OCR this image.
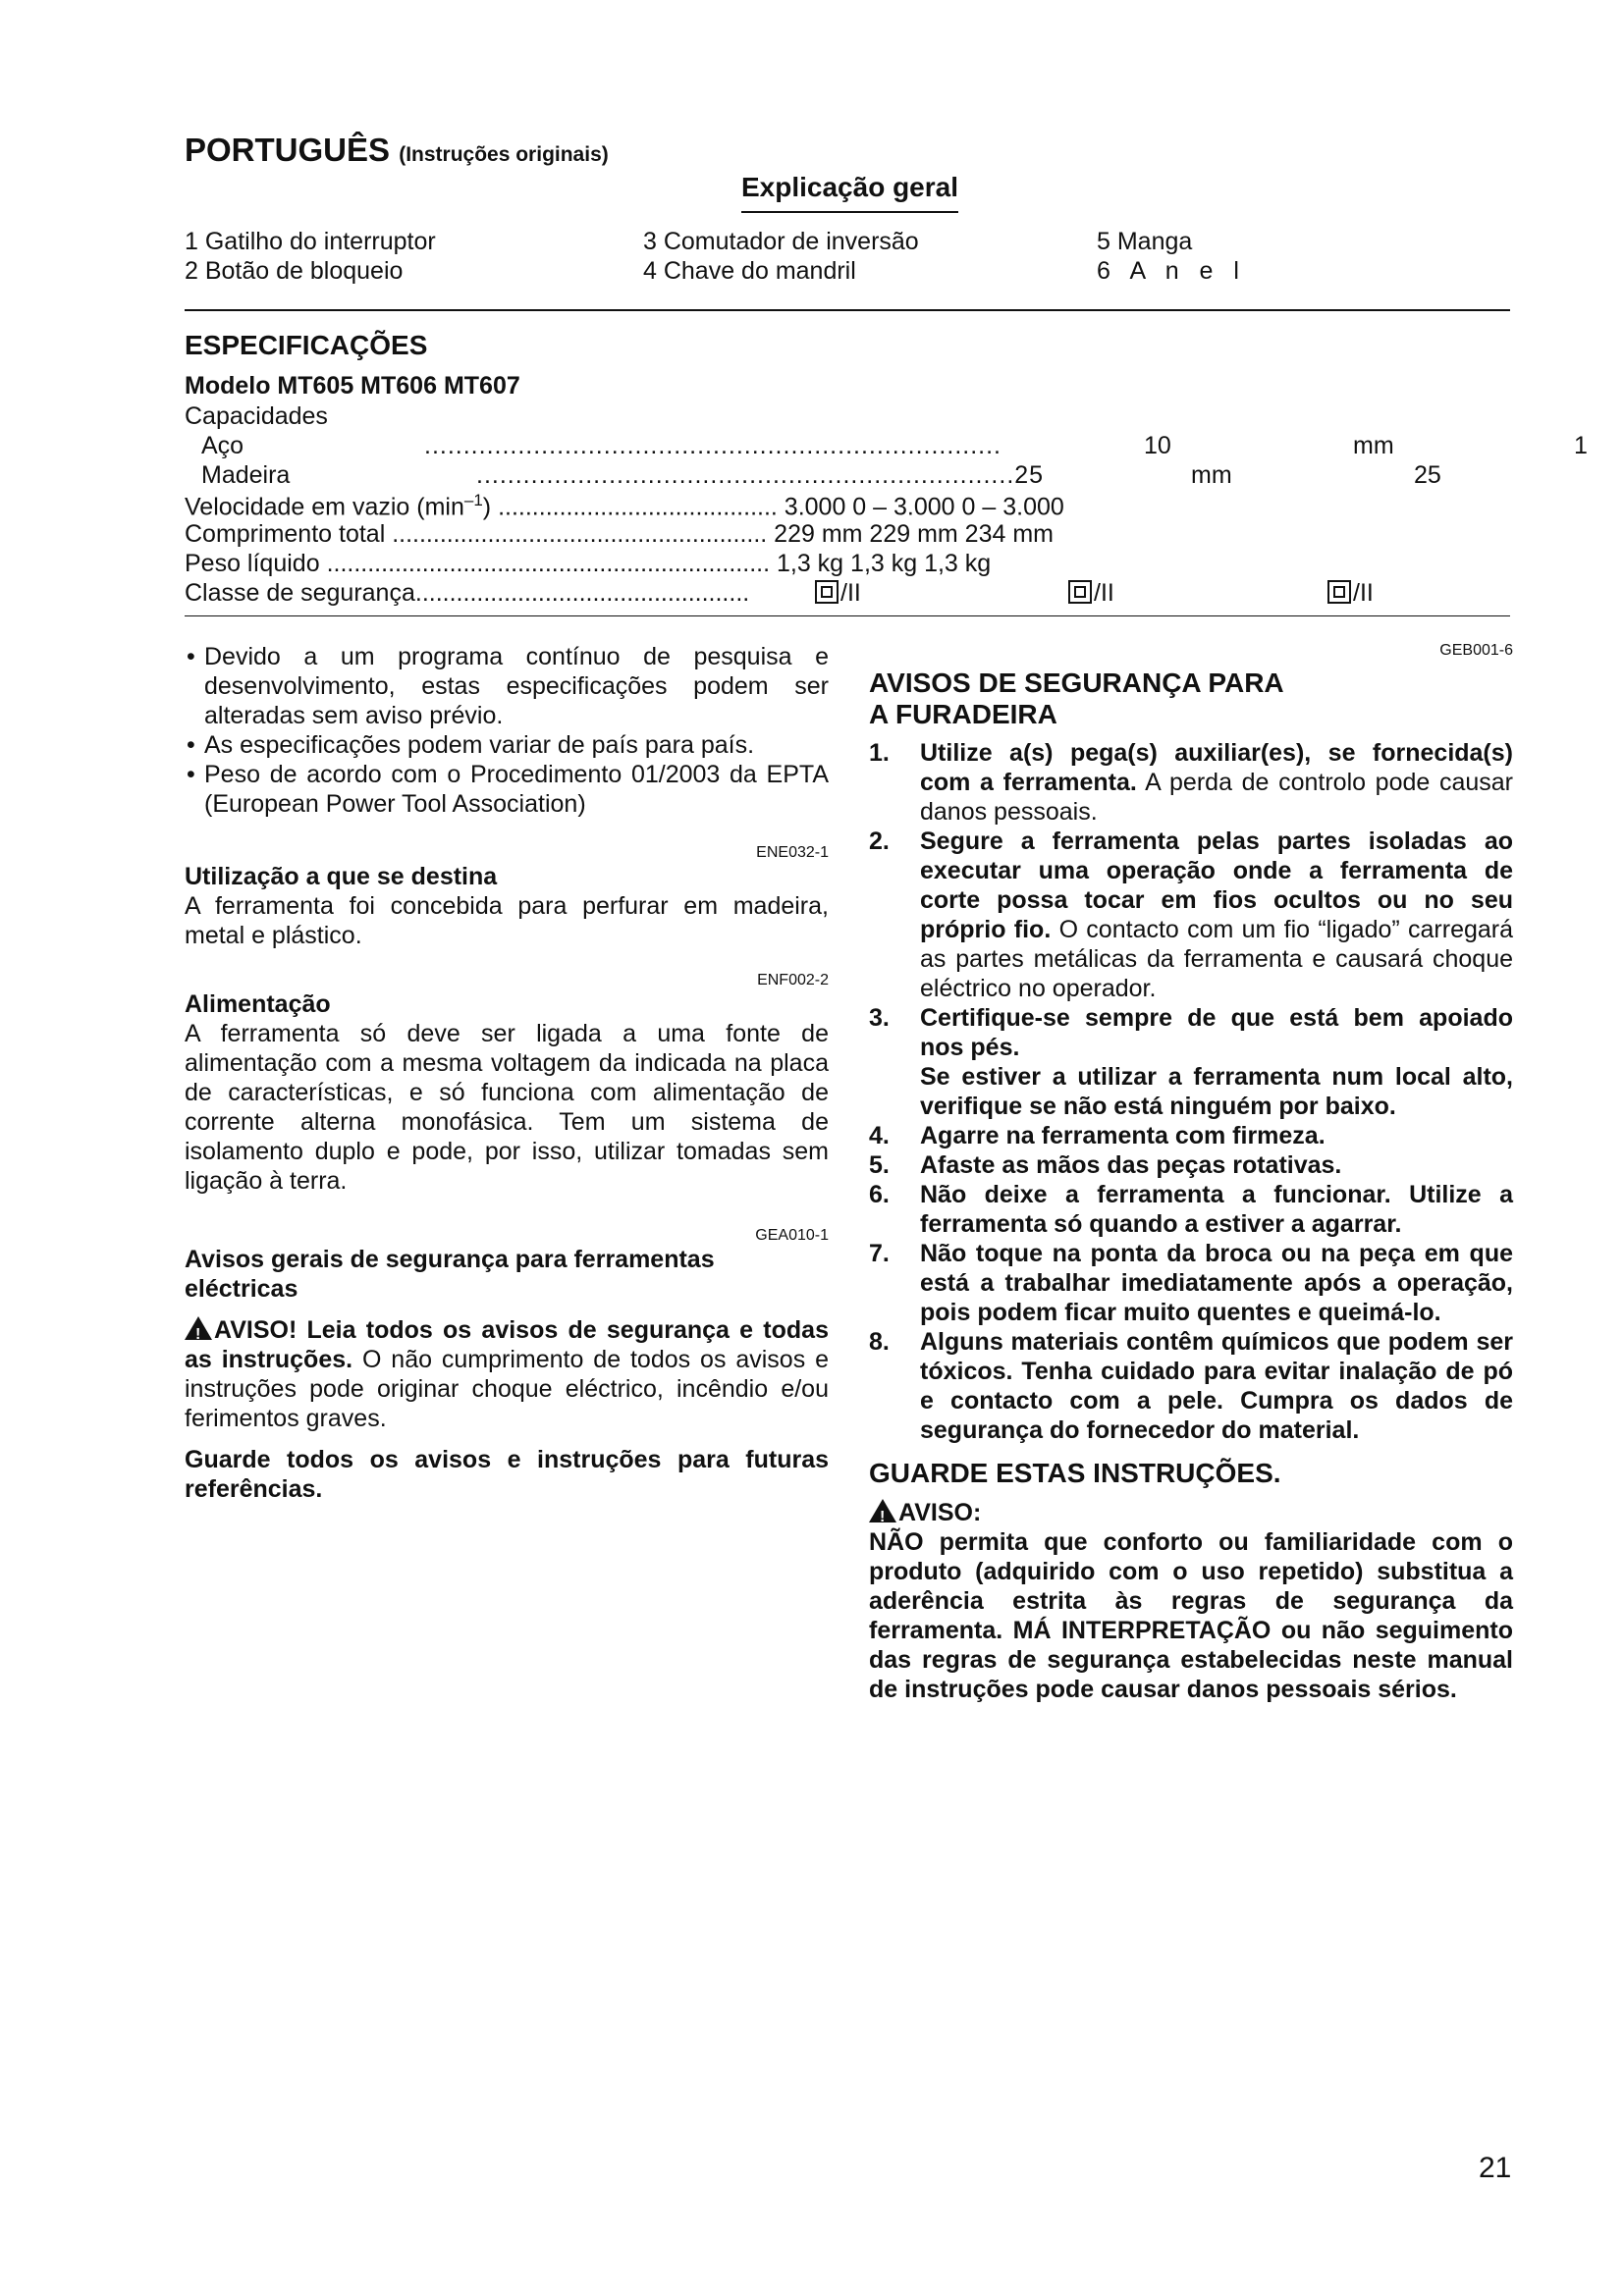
PORTUGUÊS (Instruções originais)
Explicação geral
1 Gatilho do interruptor
2 Botão de bloqueio
3 Comutador de inversão
4 Chave do mandril
5 Manga
6 A n e l
ESPECIFICAÇÕES
Modelo MT605 MT606 MT607
Capacidades
Aço	..........................................................................	10	mm	1
Madeira	.....................................................................25	mm	25
Velocidade em vazio $(\min^{-1})$ ......................................... 3.000 0 – 3.000 0 – 3.000
Comprimento total ....................................................... 229 mm 229 mm 234 mm
Peso líquido ................................................................. 1,3 kg 1,3 kg 1,3 kg
Classe de segurança.................................................	/II	/II	/II
• Devido a um programa contínuo de pesquisa e desenvolvimento, estas especificações podem ser alteradas sem aviso prévio.
• As especificações podem variar de país para país.
• Peso de acordo com o Procedimento 01/2003 da EPTA (European Power Tool Association)
ENE032-1
Utilização a que se destina
A ferramenta foi concebida para perfurar em madeira, metal e plástico.
ENF002-2
Alimentação
A ferramenta só deve ser ligada a uma fonte de alimentação com a mesma voltagem da indicada na placa de características, e só funciona com alimentação de corrente alterna monofásica. Tem um sistema de isolamento duplo e pode, por isso, utilizar tomadas sem ligação à terra.
GEA010-1
Avisos gerais de segurança para ferramentas eléctricas
!AVISO! Leia todos os avisos de segurança e todas as instruções. O não cumprimento de todos os avisos e instruções pode originar choque eléctrico, incêndio e/ou ferimentos graves.
Guarde todos os avisos e instruções para futuras referências.
GEB001-6
AVISOS DE SEGURANÇA PARA
A FURADEIRA
1. Utilize a(s) pega(s) auxiliar(es), se fornecida(s) com a ferramenta. A perda de controlo pode causar danos pessoais.
2. Segure a ferramenta pelas partes isoladas ao executar uma operação onde a ferramenta de corte possa tocar em fios ocultos ou no seu próprio fio. O contacto com um fio “ligado” carregará as partes metálicas da ferramenta e causará choque eléctrico no operador.
3. Certifique-se sempre de que está bem apoiado nos pés.
Se estiver a utilizar a ferramenta num local alto, verifique se não está ninguém por baixo.
4. Agarre na ferramenta com firmeza.
5. Afaste as mãos das peças rotativas.
6. Não deixe a ferramenta a funcionar. Utilize a ferramenta só quando a estiver a agarrar.
7. Não toque na ponta da broca ou na peça em que está a trabalhar imediatamente após a operação, pois podem ficar muito quentes e queimá-lo.
8. Alguns materiais contêm químicos que podem ser tóxicos. Tenha cuidado para evitar inalação de pó e contacto com a pele. Cumpra os dados de segurança do fornecedor do material.
GUARDE ESTAS INSTRUÇÕES.
!AVISO:
NÃO permita que conforto ou familiaridade com o produto (adquirido com o uso repetido) substitua a aderência estrita às regras de segurança da ferramenta. MÁ INTERPRETAÇÃO ou não seguimento das regras de segurança estabelecidas neste manual de instruções pode causar danos pessoais sérios.
21
